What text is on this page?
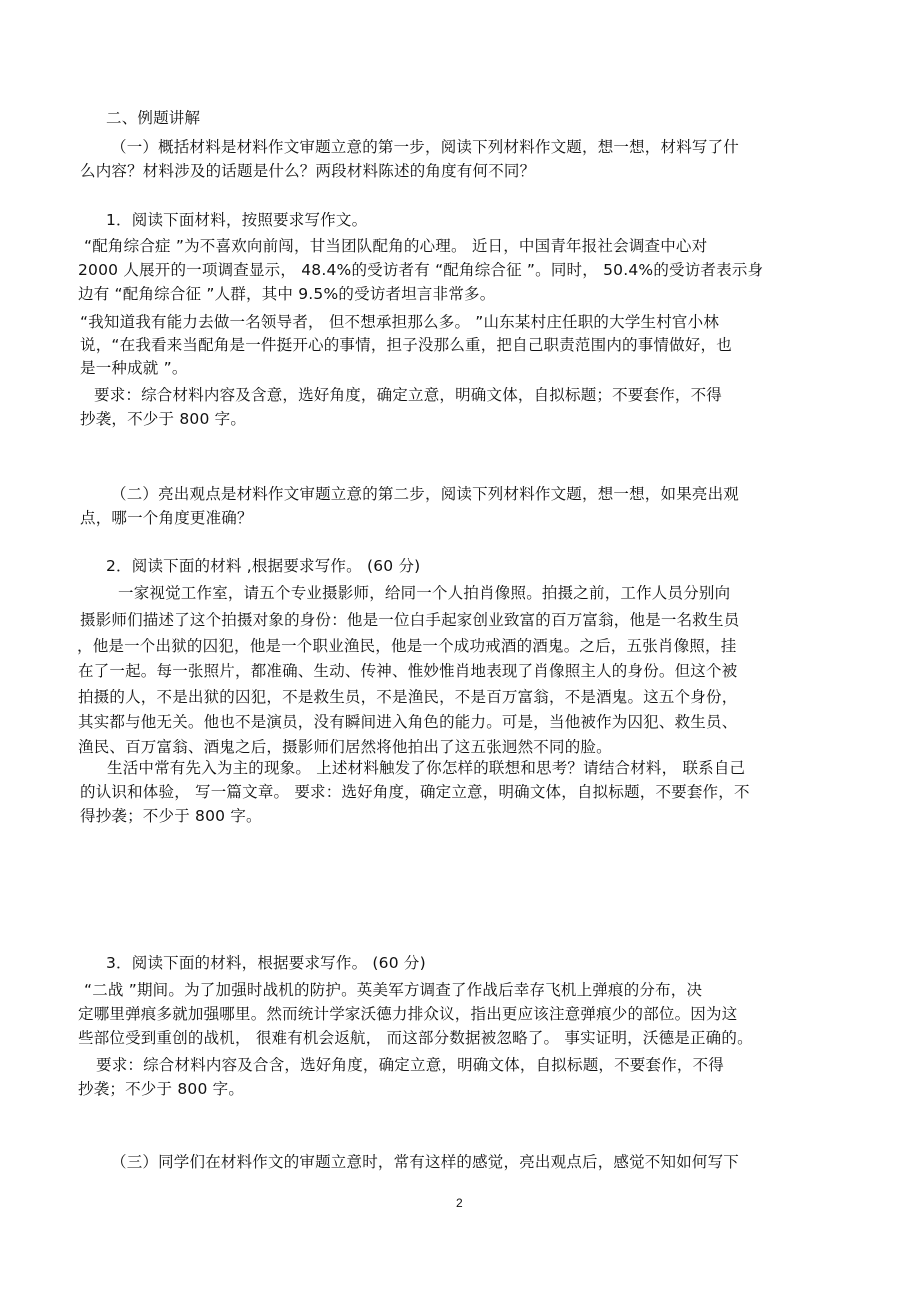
二、例题讲解
（一）概括材料是材料作文审题立意的第一步，阅读下列材料作文题，想一想，材料写了什
么内容？材料涉及的话题是什么？两段材料陈述的角度有何不同？
1．阅读下面材料，按照要求写作文。
“配角综合症 ”为不喜欢向前闯，甘当团队配角的心理。 近日，中国青年报社会调查中心对
2000 人展开的一项调查显示， 48.4%的受访者有 “配角综合征 ”。同时， 50.4%的受访者表示身
边有 “配角综合征 ”人群，其中 9.5%的受访者坦言非常多。
“我知道我有能力去做一名领导者， 但不想承担那么多。 ”山东某村庄任职的大学生村官小林
说，“在我看来当配角是一件挺开心的事情，担子没那么重，把自己职责范围内的事情做好，也
是一种成就 ”。
要求：综合材料内容及含意，选好角度，确定立意，明确文体，自拟标题；不要套作，不得
抄袭，不少于 800 字。
（二）亮出观点是材料作文审题立意的第二步，阅读下列材料作文题，想一想，如果亮出观
点，哪一个角度更准确？
2．阅读下面的材料 ,根据要求写作。 (60 分)
一家视觉工作室，请五个专业摄影师，给同一个人拍肖像照。拍摄之前，工作人员分别向
摄影师们描述了这个拍摄对象的身份：他是一位白手起家创业致富的百万富翁，他是一名救生员
，他是一个出狱的囚犯，他是一个职业渔民，他是一个成功戒酒的酒鬼。之后，五张肖像照，挂
在了一起。每一张照片，都准确、生动、传神、惟妙惟肖地表现了肖像照主人的身份。但这个被
拍摄的人，不是出狱的囚犯，不是救生员，不是渔民，不是百万富翁，不是酒鬼。这五个身份，
其实都与他无关。他也不是演员，没有瞬间进入角色的能力。可是，当他被作为囚犯、救生员、
渔民、百万富翁、酒鬼之后，摄影师们居然将他拍出了这五张迥然不同的脸。
生活中常有先入为主的现象。 上述材料触发了你怎样的联想和思考？请结合材料， 联系自己
的认识和体验， 写一篇文章。 要求：选好角度，确定立意，明确文体，自拟标题，不要套作，不
得抄袭；不少于 800 字。
3．阅读下面的材料，根据要求写作。 (60 分)
“二战 ”期间。为了加强时战机的防护。英美军方调查了作战后幸存飞机上弹痕的分布，决
定哪里弹痕多就加强哪里。然而统计学家沃德力排众议，指出更应该注意弹痕少的部位。因为这
些部位受到重创的战机， 很难有机会返航， 而这部分数据被忽略了。 事实证明，沃德是正确的。
要求：综合材料内容及合含，选好角度，确定立意，明确文体，自拟标题，不要套作，不得
抄袭；不少于 800 字。
（三）同学们在材料作文的审题立意时，常有这样的感觉，亮出观点后，感觉不知如何写下
2
